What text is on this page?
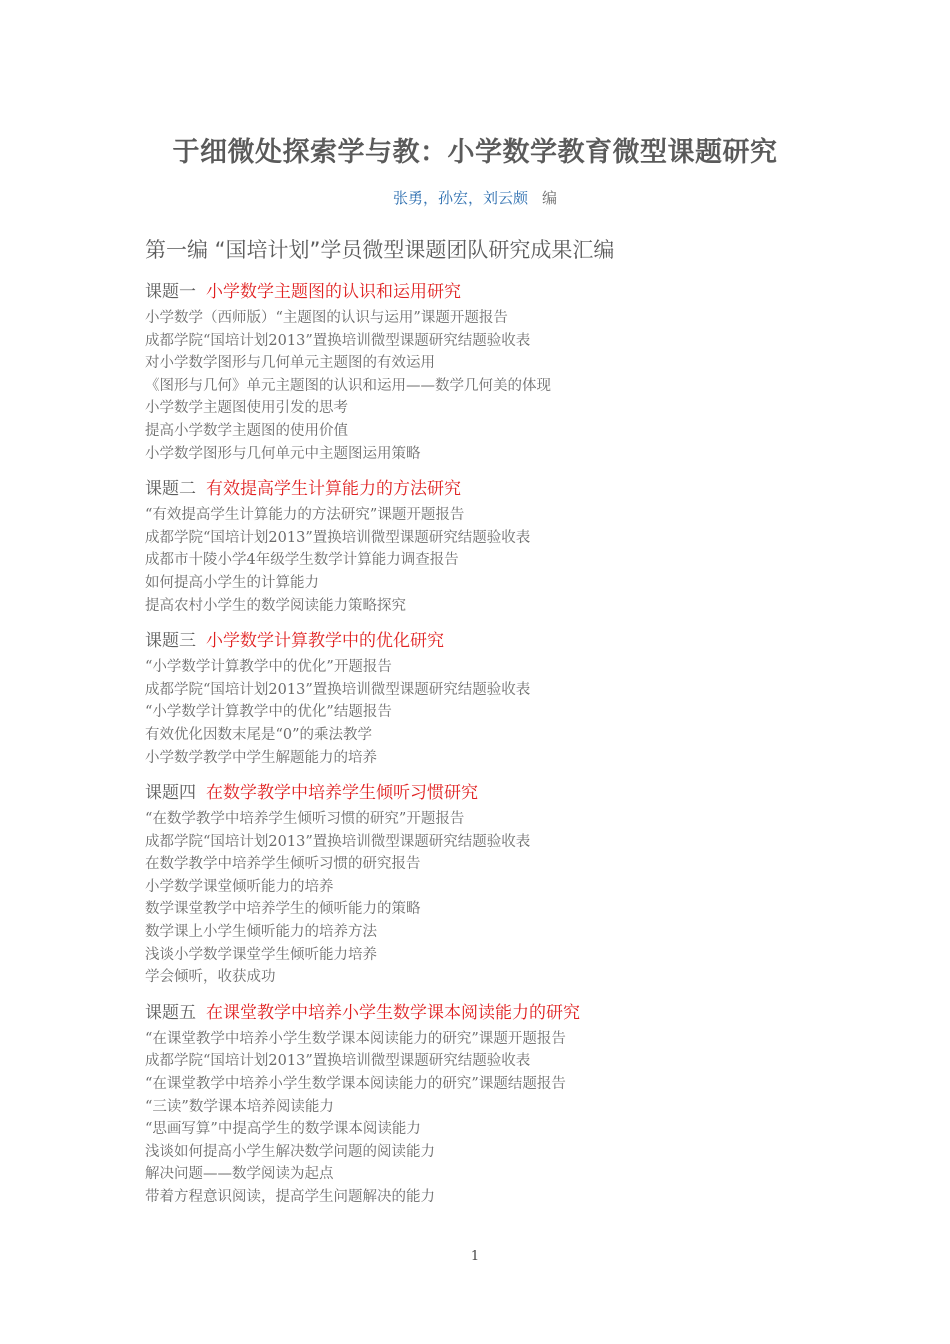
于细微处探索学与教：小学数学教育微型课题研究
张勇，孙宏，刘云颇 编
第一编 “国培计划”学员微型课题团队研究成果汇编
课题一 小学数学主题图的认识和运用研究
小学数学（西师版）“主题图的认识与运用”课题开题报告
成都学院“国培计划2013”置换培训微型课题研究结题验收表
对小学数学图形与几何单元主题图的有效运用
《图形与几何》单元主题图的认识和运用——数学几何美的体现
小学数学主题图使用引发的思考
提高小学数学主题图的使用价值
小学数学图形与几何单元中主题图运用策略
课题二 有效提高学生计算能力的方法研究
“有效提高学生计算能力的方法研究”课题开题报告
成都学院“国培计划2013”置换培训微型课题研究结题验收表
成都市十陵小学4年级学生数学计算能力调查报告
如何提高小学生的计算能力
提高农村小学生的数学阅读能力策略探究
课题三 小学数学计算教学中的优化研究
“小学数学计算教学中的优化”开题报告
成都学院“国培计划2013”置换培训微型课题研究结题验收表
“小学数学计算教学中的优化”结题报告
有效优化因数末尾是“0”的乘法教学
小学数学教学中学生解题能力的培养
课题四 在数学教学中培养学生倾听习惯研究
“在数学教学中培养学生倾听习惯的研究”开题报告
成都学院“国培计划2013”置换培训微型课题研究结题验收表
在数学教学中培养学生倾听习惯的研究报告
小学数学课堂倾听能力的培养
数学课堂教学中培养学生的倾听能力的策略
数学课上小学生倾听能力的培养方法
浅谈小学数学课堂学生倾听能力培养
学会倾听，收获成功
课题五 在课堂教学中培养小学生数学课本阅读能力的研究
“在课堂教学中培养小学生数学课本阅读能力的研究”课题开题报告
成都学院“国培计划2013”置换培训微型课题研究结题验收表
“在课堂教学中培养小学生数学课本阅读能力的研究”课题结题报告
“三读”数学课本培养阅读能力
“思画写算”中提高学生的数学课本阅读能力
浅谈如何提高小学生解决数学问题的阅读能力
解决问题——数学阅读为起点
带着方程意识阅读，提高学生问题解决的能力
1
